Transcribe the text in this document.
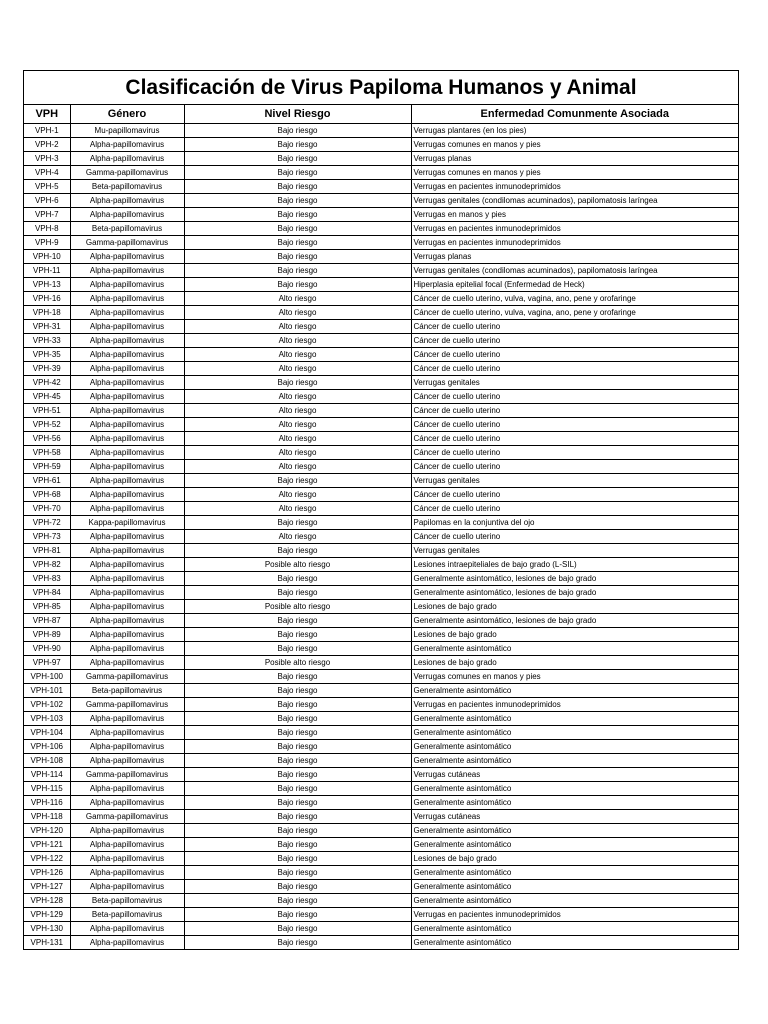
Clasificación de Virus Papiloma Humanos y Animal
VPH	Género	Nivel Riesgo	Enfermedad Comunmente Asociada
VPH-1	Mu-papillomavirus	Bajo riesgo	Verrugas plantares (en los pies)
VPH-2	Alpha-papillomavirus	Bajo riesgo	Verrugas comunes en manos y pies
VPH-3	Alpha-papillomavirus	Bajo riesgo	Verrugas planas
VPH-4	Gamma-papillomavirus	Bajo riesgo	Verrugas comunes en manos y pies
VPH-5	Beta-papillomavirus	Bajo riesgo	Verrugas en pacientes inmunodeprimidos
VPH-6	Alpha-papillomavirus	Bajo riesgo	Verrugas genitales (condilomas acuminados), papilomatosis laríngea
VPH-7	Alpha-papillomavirus	Bajo riesgo	Verrugas en manos y pies
VPH-8	Beta-papillomavirus	Bajo riesgo	Verrugas en pacientes inmunodeprimidos
VPH-9	Gamma-papillomavirus	Bajo riesgo	Verrugas en pacientes inmunodeprimidos
VPH-10	Alpha-papillomavirus	Bajo riesgo	Verrugas planas
VPH-11	Alpha-papillomavirus	Bajo riesgo	Verrugas genitales (condilomas acuminados), papilomatosis laríngea
VPH-13	Alpha-papillomavirus	Bajo riesgo	Hiperplasia epitelial focal (Enfermedad de Heck)
VPH-16	Alpha-papillomavirus	Alto riesgo	Cáncer de cuello uterino, vulva, vagina, ano, pene y orofaringe
VPH-18	Alpha-papillomavirus	Alto riesgo	Cáncer de cuello uterino, vulva, vagina, ano, pene y orofaringe
VPH-31	Alpha-papillomavirus	Alto riesgo	Cáncer de cuello uterino
VPH-33	Alpha-papillomavirus	Alto riesgo	Cáncer de cuello uterino
VPH-35	Alpha-papillomavirus	Alto riesgo	Cáncer de cuello uterino
VPH-39	Alpha-papillomavirus	Alto riesgo	Cáncer de cuello uterino
VPH-42	Alpha-papillomavirus	Bajo riesgo	Verrugas genitales
VPH-45	Alpha-papillomavirus	Alto riesgo	Cáncer de cuello uterino
VPH-51	Alpha-papillomavirus	Alto riesgo	Cáncer de cuello uterino
VPH-52	Alpha-papillomavirus	Alto riesgo	Cáncer de cuello uterino
VPH-56	Alpha-papillomavirus	Alto riesgo	Cáncer de cuello uterino
VPH-58	Alpha-papillomavirus	Alto riesgo	Cáncer de cuello uterino
VPH-59	Alpha-papillomavirus	Alto riesgo	Cáncer de cuello uterino
VPH-61	Alpha-papillomavirus	Bajo riesgo	Verrugas genitales
VPH-68	Alpha-papillomavirus	Alto riesgo	Cáncer de cuello uterino
VPH-70	Alpha-papillomavirus	Alto riesgo	Cáncer de cuello uterino
VPH-72	Kappa-papillomavirus	Bajo riesgo	Papilomas en la conjuntiva del ojo
VPH-73	Alpha-papillomavirus	Alto riesgo	Cáncer de cuello uterino
VPH-81	Alpha-papillomavirus	Bajo riesgo	Verrugas genitales
VPH-82	Alpha-papillomavirus	Posible alto riesgo	Lesiones intraepiteliales de bajo grado (L-SIL)
VPH-83	Alpha-papillomavirus	Bajo riesgo	Generalmente asintomático, lesiones de bajo grado
VPH-84	Alpha-papillomavirus	Bajo riesgo	Generalmente asintomático, lesiones de bajo grado
VPH-85	Alpha-papillomavirus	Posible alto riesgo	Lesiones de bajo grado
VPH-87	Alpha-papillomavirus	Bajo riesgo	Generalmente asintomático, lesiones de bajo grado
VPH-89	Alpha-papillomavirus	Bajo riesgo	Lesiones de bajo grado
VPH-90	Alpha-papillomavirus	Bajo riesgo	Generalmente asintomático
VPH-97	Alpha-papillomavirus	Posible alto riesgo	Lesiones de bajo grado
VPH-100	Gamma-papillomavirus	Bajo riesgo	Verrugas comunes en manos y pies
VPH-101	Beta-papillomavirus	Bajo riesgo	Generalmente asintomático
VPH-102	Gamma-papillomavirus	Bajo riesgo	Verrugas en pacientes inmunodeprimidos
VPH-103	Alpha-papillomavirus	Bajo riesgo	Generalmente asintomático
VPH-104	Alpha-papillomavirus	Bajo riesgo	Generalmente asintomático
VPH-106	Alpha-papillomavirus	Bajo riesgo	Generalmente asintomático
VPH-108	Alpha-papillomavirus	Bajo riesgo	Generalmente asintomático
VPH-114	Gamma-papillomavirus	Bajo riesgo	Verrugas cutáneas
VPH-115	Alpha-papillomavirus	Bajo riesgo	Generalmente asintomático
VPH-116	Alpha-papillomavirus	Bajo riesgo	Generalmente asintomático
VPH-118	Gamma-papillomavirus	Bajo riesgo	Verrugas cutáneas
VPH-120	Alpha-papillomavirus	Bajo riesgo	Generalmente asintomático
VPH-121	Alpha-papillomavirus	Bajo riesgo	Generalmente asintomático
VPH-122	Alpha-papillomavirus	Bajo riesgo	Lesiones de bajo grado
VPH-126	Alpha-papillomavirus	Bajo riesgo	Generalmente asintomático
VPH-127	Alpha-papillomavirus	Bajo riesgo	Generalmente asintomático
VPH-128	Beta-papillomavirus	Bajo riesgo	Generalmente asintomático
VPH-129	Beta-papillomavirus	Bajo riesgo	Verrugas en pacientes inmunodeprimidos
VPH-130	Alpha-papillomavirus	Bajo riesgo	Generalmente asintomático
VPH-131	Alpha-papillomavirus	Bajo riesgo	Generalmente asintomático
